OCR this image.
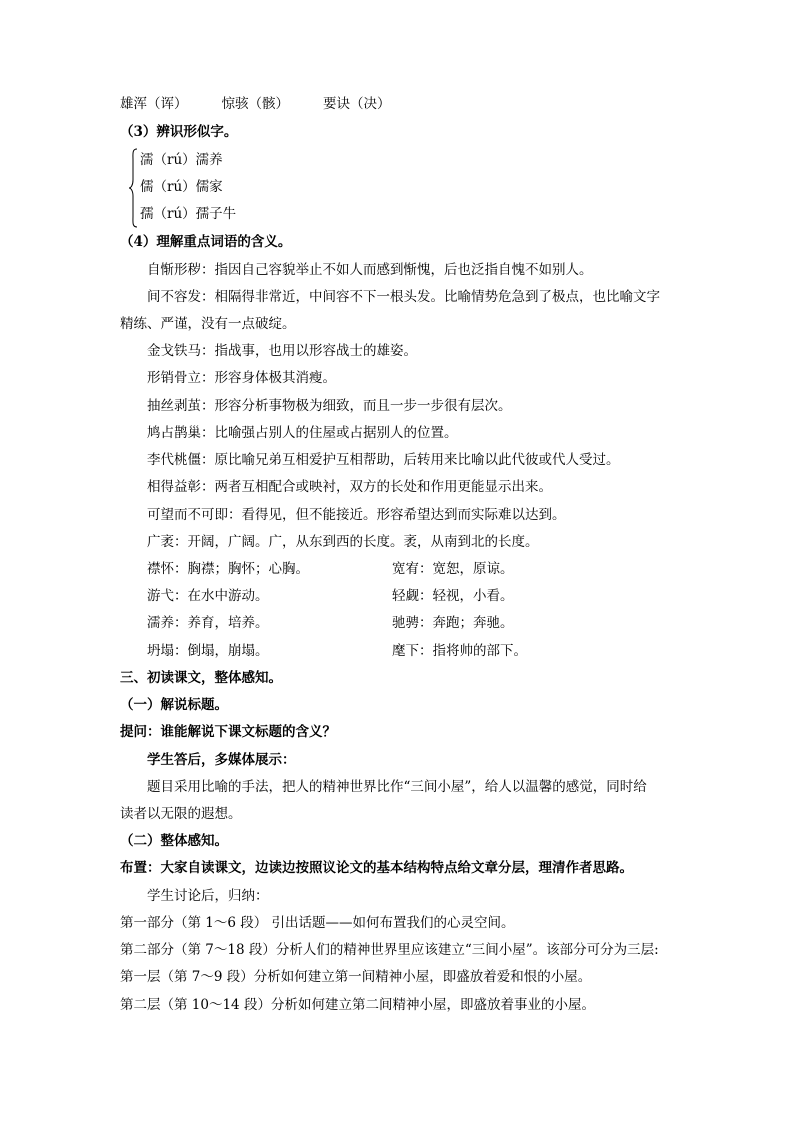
雄浑（诨）	惊骇（骸）	要诀（决）
（3）辨识形似字。
濡（rú）濡养
儒（rú）儒家
孺（rú）孺子牛
（4）理解重点词语的含义。
自惭形秽：指因自己容貌举止不如人而感到惭愧，后也泛指自愧不如别人。
间不容发：相隔得非常近，中间容不下一根头发。比喻情势危急到了极点，也比喻文字
精练、严谨，没有一点破绽。
金戈铁马：指战事，也用以形容战士的雄姿。
形销骨立：形容身体极其消瘦。
抽丝剥茧：形容分析事物极为细致，而且一步一步很有层次。
鸠占鹊巢：比喻强占别人的住屋或占据别人的位置。
李代桃僵：原比喻兄弟互相爱护互相帮助，后转用来比喻以此代彼或代人受过。
相得益彰：两者互相配合或映衬，双方的长处和作用更能显示出来。
可望而不可即：看得见，但不能接近。形容希望达到而实际难以达到。
广袤：开阔，广阔。广，从东到西的长度。袤，从南到北的长度。
襟怀：胸襟；胸怀；心胸。	宽宥：宽恕，原谅。
游弋：在水中游动。	轻觑：轻视，小看。
濡养：养育，培养。	驰骋：奔跑；奔驰。
坍塌：倒塌，崩塌。	麾下：指将帅的部下。
三、初读课文，整体感知。
（一）解说标题。
提问：谁能解说下课文标题的含义？
学生答后，多媒体展示：
题目采用比喻的手法，把人的精神世界比作“三间小屋”，给人以温馨的感觉，同时给
读者以无限的遐想。
（二）整体感知。
布置：大家自读课文，边读边按照议论文的基本结构特点给文章分层，理清作者思路。
学生讨论后，归纳：
第一部分（第 1～6 段） 引出话题——如何布置我们的心灵空间。
第二部分（第 7～18 段）分析人们的精神世界里应该建立“三间小屋”。该部分可分为三层:
第一层（第 7～9 段）分析如何建立第一间精神小屋，即盛放着爱和恨的小屋。
第二层（第 10～14 段）分析如何建立第二间精神小屋，即盛放着事业的小屋。
